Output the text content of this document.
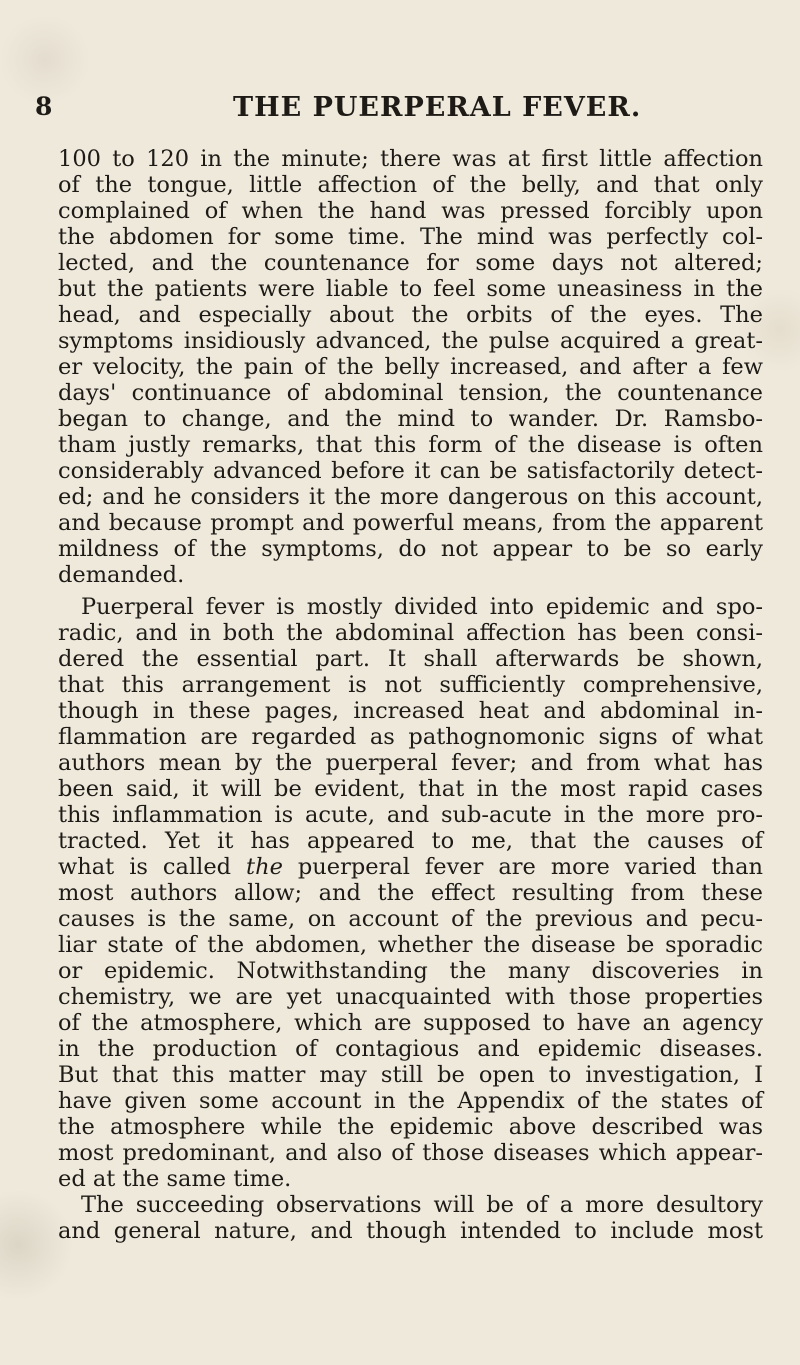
8	THE PUERPERAL FEVER.
100 to 120 in the minute; there was at first little affection
of the tongue, little affection of the belly, and that only
complained of when the hand was pressed forcibly upon
the abdomen for some time. The mind was perfectly col-
lected, and the countenance for some days not altered;
but the patients were liable to feel some uneasiness in the
head, and especially about the orbits of the eyes. The
symptoms insidiously advanced, the pulse acquired a great-
er velocity, the pain of the belly increased, and after a few
days' continuance of abdominal tension, the countenance
began to change, and the mind to wander. Dr. Ramsbo-
tham justly remarks, that this form of the disease is often
considerably advanced before it can be satisfactorily detect-
ed; and he considers it the more dangerous on this account,
and because prompt and powerful means, from the apparent
mildness of the symptoms, do not appear to be so early
demanded.
Puerperal fever is mostly divided into epidemic and spo-
radic, and in both the abdominal affection has been consi-
dered the essential part. It shall afterwards be shown,
that this arrangement is not sufficiently comprehensive,
though in these pages, increased heat and abdominal in-
flammation are regarded as pathognomonic signs of what
authors mean by the puerperal fever; and from what has
been said, it will be evident, that in the most rapid cases
this inflammation is acute, and sub-acute in the more pro-
tracted. Yet it has appeared to me, that the causes of
what is called the puerperal fever are more varied than
most authors allow; and the effect resulting from these
causes is the same, on account of the previous and pecu-
liar state of the abdomen, whether the disease be sporadic
or epidemic. Notwithstanding the many discoveries in
chemistry, we are yet unacquainted with those properties
of the atmosphere, which are supposed to have an agency
in the production of contagious and epidemic diseases.
But that this matter may still be open to investigation, I
have given some account in the Appendix of the states of
the atmosphere while the epidemic above described was
most predominant, and also of those diseases which appear-
ed at the same time.
The succeeding observations will be of a more desultory
and general nature, and though intended to include most
